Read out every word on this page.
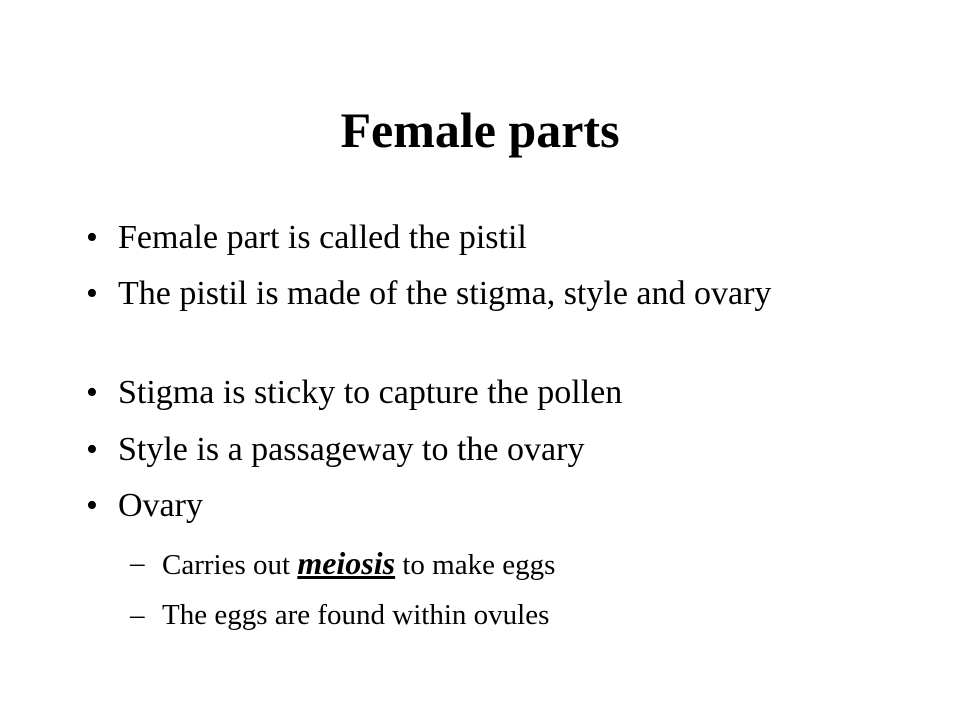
Female parts
• Female part is called the pistil
• The pistil is made of the stigma, style and ovary
• Stigma is sticky to capture the pollen
• Style is a passageway to the ovary
• Ovary
– Carries out meiosis to make eggs
– The eggs are found within ovules
